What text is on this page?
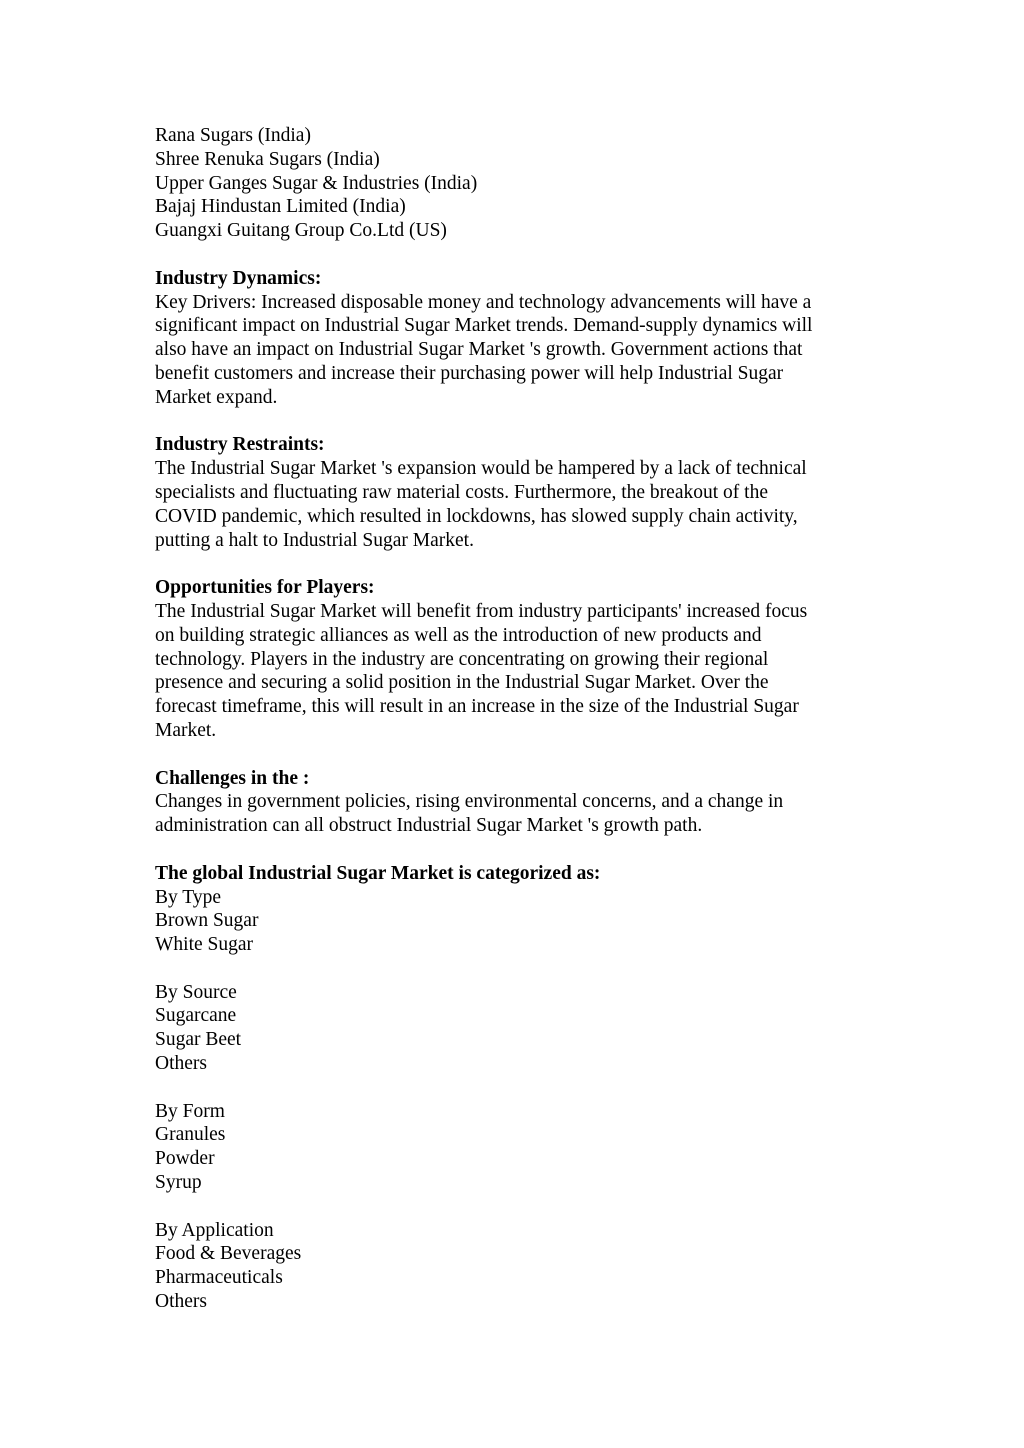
Rana Sugars (India)
Shree Renuka Sugars (India)
Upper Ganges Sugar & Industries (India)
Bajaj Hindustan Limited (India)
Guangxi Guitang Group Co.Ltd (US)
Industry Dynamics:
Key Drivers: Increased disposable money and technology advancements will have a
significant impact on Industrial Sugar Market trends. Demand-supply dynamics will
also have an impact on Industrial Sugar Market 's growth. Government actions that
benefit customers and increase their purchasing power will help Industrial Sugar
Market expand.
Industry Restraints:
The Industrial Sugar Market 's expansion would be hampered by a lack of technical
specialists and fluctuating raw material costs. Furthermore, the breakout of the
COVID pandemic, which resulted in lockdowns, has slowed supply chain activity,
putting a halt to Industrial Sugar Market.
Opportunities for Players:
The Industrial Sugar Market will benefit from industry participants' increased focus
on building strategic alliances as well as the introduction of new products and
technology. Players in the industry are concentrating on growing their regional
presence and securing a solid position in the Industrial Sugar Market. Over the
forecast timeframe, this will result in an increase in the size of the Industrial Sugar
Market.
Challenges in the :
Changes in government policies, rising environmental concerns, and a change in
administration can all obstruct Industrial Sugar Market 's growth path.
The global Industrial Sugar Market is categorized as:
By Type
Brown Sugar
White Sugar
By Source
Sugarcane
Sugar Beet
Others
By Form
Granules
Powder
Syrup
By Application
Food & Beverages
Pharmaceuticals
Others
